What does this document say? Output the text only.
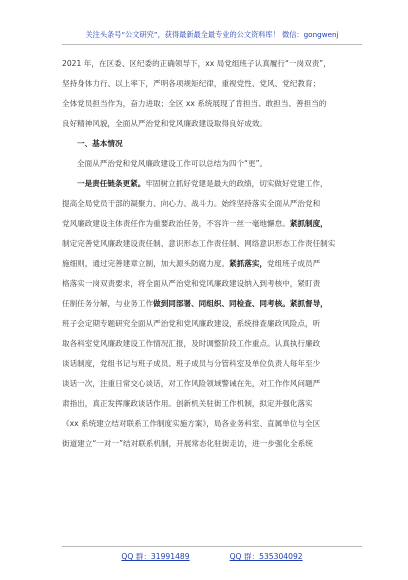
关注头条号“公文研究”，获得最新最全最专业的公文资料库！ 微信：gongwenj
2021 年，在区委、区纪委的正确领导下，xx 局党组班子认真履行“一岗双责”，
坚持身体力行、以上率下，严明各项规矩纪律，重视党性、党风、党纪教育；
全体党员担当作为，奋力进取；全区 xx 系统展现了肯担当、敢担当、善担当的
良好精神风貌，全面从严治党和党风廉政建设取得良好成效。
一、基本情况
全面从严治党和党风廉政建设工作可以总结为四个“更”。
一是责任链条更紧。牢固树立抓好党建是最大的政绩，切实做好党建工作，
提高全局党员干部的凝聚力、向心力、战斗力。始终坚持落实全面从严治党和
党风廉政建设主体责任作为重要政治任务，不容许一丝一毫地懈怠。紧抓制度，
制定完善党风廉政建设责任制、意识形态工作责任制、网络意识形态工作责任制实
施细则，通过完善建章立制，加大源头防腐力度。紧抓落实，党组班子成员严
格落实一岗双责要求，将全面从严治党和党风廉政建设纳入到考核中，紧盯责
任制任务分解，与业务工作做到同部署、同组织、同检查、同考核。紧抓督导，
班子会定期专题研究全面从严治党和党风廉政建设，系统排查廉政风险点，听
取各科室党风廉政建设工作情况汇报，及时调整阶段工作重点。认真执行廉政
谈话制度，党组书记与班子成员、班子成员与分管科室及单位负责人每年至少
谈话一次，注重日常交心谈话，对工作风险领域警诫在先，对工作作风问题严
肃指出，真正发挥廉政谈话作用。创新机关驻街工作机制，拟定并强化落实
《xx 系统建立结对联系工作制度实施方案》，局各业务科室、直属单位与全区
街道建立“一对一”结对联系机制，开展常态化驻街走访，进一步强化全系统
QQ 群：31991489	QQ 群：535304092
